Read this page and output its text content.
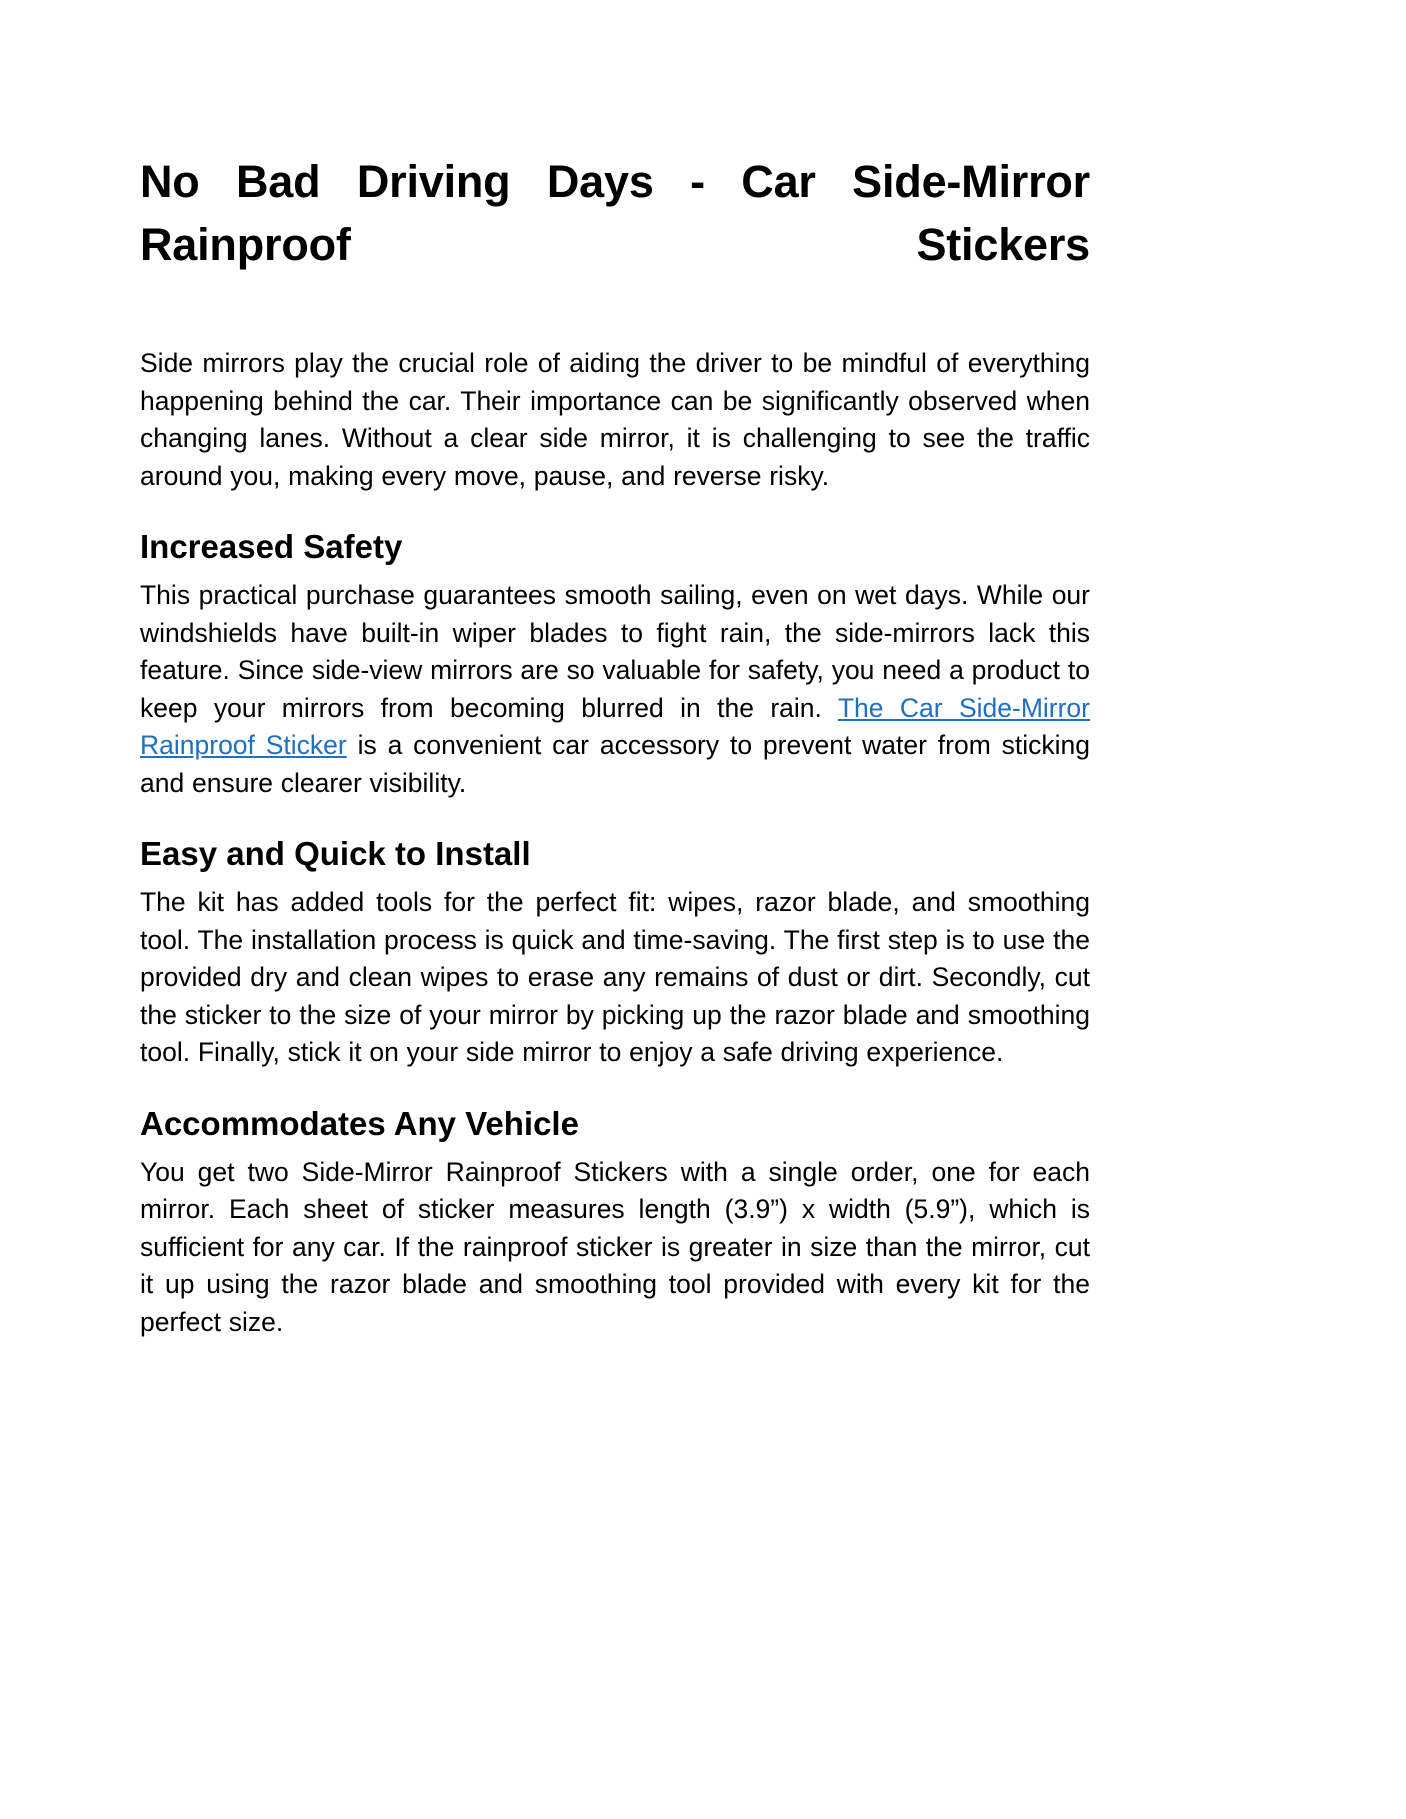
No Bad Driving Days - Car Side-Mirror Rainproof Stickers

Side mirrors play the crucial role of aiding the driver to be mindful of everything happening behind the car. Their importance can be significantly observed when changing lanes. Without a clear side mirror, it is challenging to see the traffic around you, making every move, pause, and reverse risky.

Increased Safety

This practical purchase guarantees smooth sailing, even on wet days. While our windshields have built-in wiper blades to fight rain, the side-mirrors lack this feature. Since side-view mirrors are so valuable for safety, you need a product to keep your mirrors from becoming blurred in the rain. The Car Side-Mirror Rainproof Sticker is a convenient car accessory to prevent water from sticking and ensure clearer visibility.

Easy and Quick to Install

The kit has added tools for the perfect fit: wipes, razor blade, and smoothing tool. The installation process is quick and time-saving. The first step is to use the provided dry and clean wipes to erase any remains of dust or dirt. Secondly, cut the sticker to the size of your mirror by picking up the razor blade and smoothing tool. Finally, stick it on your side mirror to enjoy a safe driving experience.

Accommodates Any Vehicle

You get two Side-Mirror Rainproof Stickers with a single order, one for each mirror. Each sheet of sticker measures length (3.9”) x width (5.9”), which is sufficient for any car. If the rainproof sticker is greater in size than the mirror, cut it up using the razor blade and smoothing tool provided with every kit for the perfect size.
